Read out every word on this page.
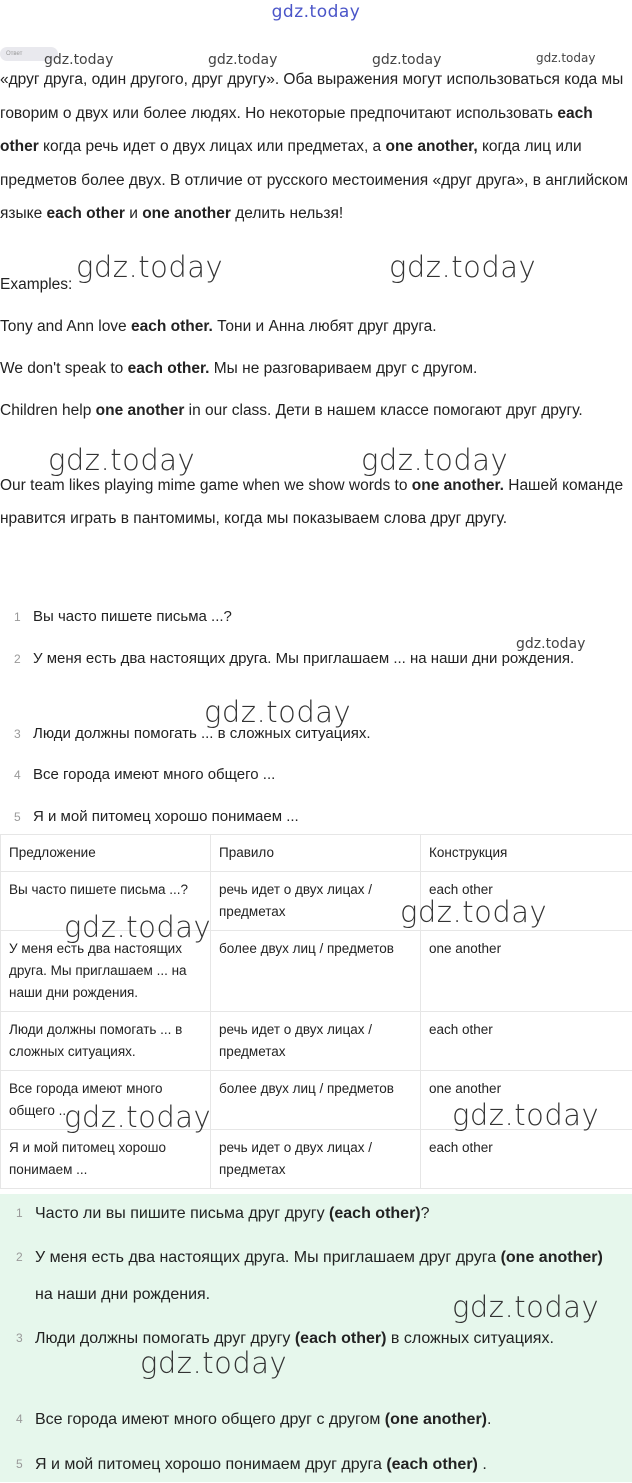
gdz.today
Ответ

«друг друга, один другого, друг другу». Оба выражения могут использоваться кода мы говорим о двух или более людях. Но некоторые предпочитают использовать each other когда речь идет о двух лицах или предметах, а one another, когда лиц или предметов более двух. В отличие от русского местоимения «друг друга», в английском языке each other и one another делить нельзя!

Examples:
Tony and Ann love each other. Тони и Анна любят друг друга.
We don't speak to each other. Мы не разговариваем друг с другом.
Children help one another in our class. Дети в нашем классе помогают друг другу.
Our team likes playing mime game when we show words to one another. Нашей команде нравится играть в пантомимы, когда мы показываем слова друг другу.
1 Вы часто пишете письма ...?
2 У меня есть два настоящих друга. Мы приглашаем ... на наши дни рождения.
3 Люди должны помогать ... в сложных ситуациях.
4 Все города имеют много общего ...
5 Я и мой питомец хорошо понимаем ...
Предложение	Правило	Конструкция
Вы часто пишете письма ...?	речь идет о двух лицах / предметах	each other
У меня есть два настоящих друга. Мы приглашаем ... на наши дни рождения.	более двух лиц / предметов	one another
Люди должны помогать ... в сложных ситуациях.	речь идет о двух лицах / предметах	each other
Все города имеют много общего ...	более двух лиц / предметов	one another
Я и мой питомец хорошо понимаем ...	речь идет о двух лицах / предметах	each other
1 Часто ли вы пишите письма друг другу (each other)?
2 У меня есть два настоящих друга. Мы приглашаем друг друга (one another) на наши дни рождения.
3 Люди должны помогать друг другу (each other) в сложных ситуациях.
4 Все города имеют много общего друг с другом (one another).
5 Я и мой питомец хорошо понимаем друг друга (each other) .
gdz.today	gdz.today	gdz.today	gdz.today
gdz.today	gdz.today
gdz.today	gdz.today
gdz.today
gdz.today
gdz.today
gdz.today
gdz.today	gdz.today
gdz.today
gdz.today
